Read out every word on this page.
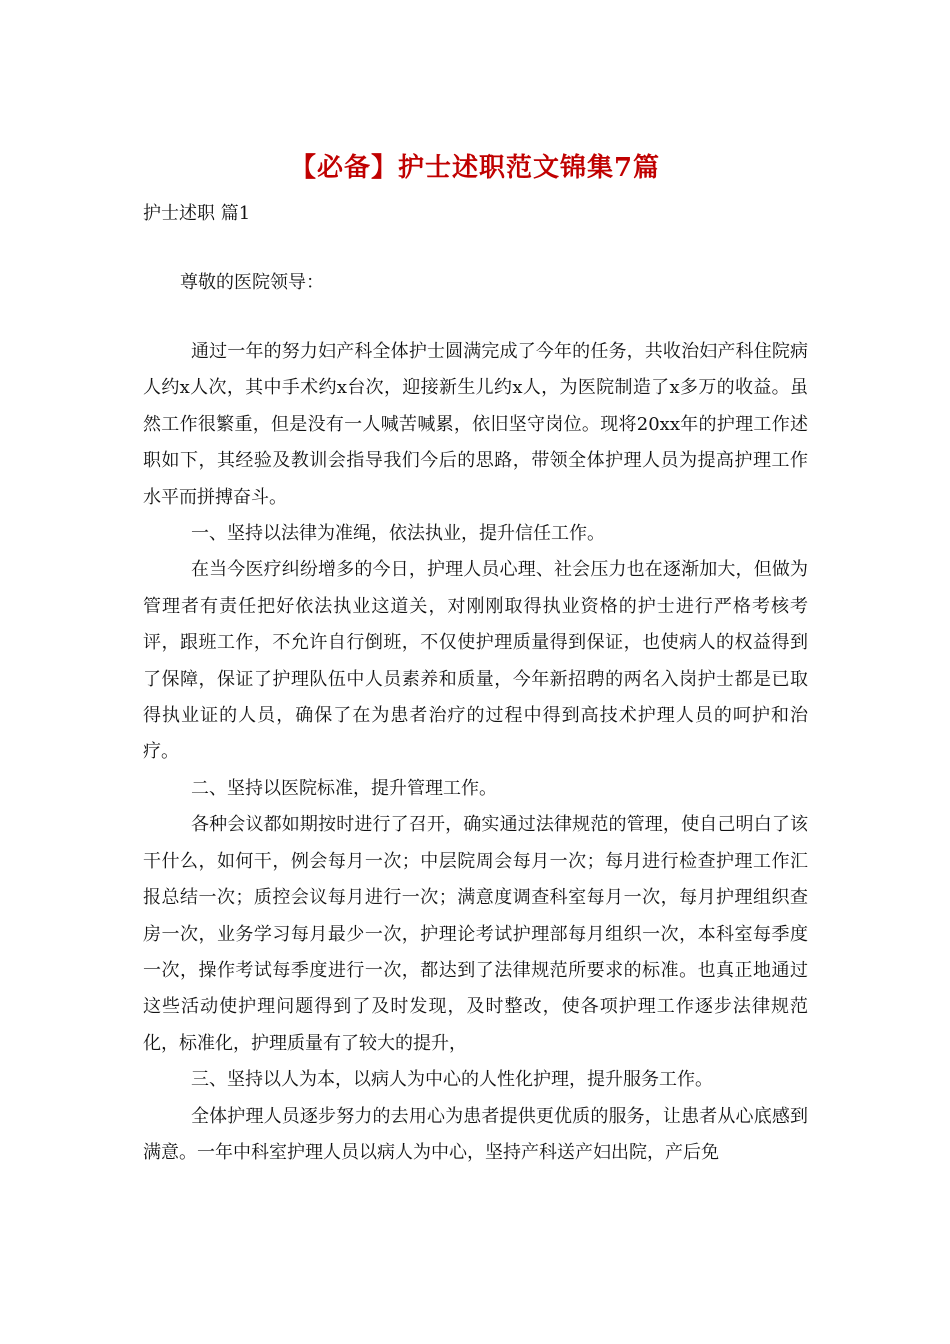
【必备】护士述职范文锦集7篇
护士述职 篇1
尊敬的医院领导：

通过一年的努力妇产科全体护士圆满完成了今年的任务，共收治妇产科住院病人约x人次，其中手术约x台次，迎接新生儿约x人，为医院制造了x多万的收益。虽然工作很繁重，但是没有一人喊苦喊累，依旧坚守岗位。现将20xx年的护理工作述职如下，其经验及教训会指导我们今后的思路，带领全体护理人员为提高护理工作水平而拼搏奋斗。

一、坚持以法律为准绳，依法执业，提升信任工作。

在当今医疗纠纷增多的今日，护理人员心理、社会压力也在逐渐加大，但做为管理者有责任把好依法执业这道关，对刚刚取得执业资格的护士进行严格考核考评，跟班工作，不允许自行倒班，不仅使护理质量得到保证，也使病人的权益得到了保障，保证了护理队伍中人员素养和质量，今年新招聘的两名入岗护士都是已取得执业证的人员，确保了在为患者治疗的过程中得到高技术护理人员的呵护和治疗。

二、坚持以医院标准，提升管理工作。

各种会议都如期按时进行了召开，确实通过法律规范的管理，使自己明白了该干什么，如何干，例会每月一次；中层院周会每月一次；每月进行检查护理工作汇报总结一次；质控会议每月进行一次；满意度调查科室每月一次，每月护理组织查房一次，业务学习每月最少一次，护理论考试护理部每月组织一次，本科室每季度一次，操作考试每季度进行一次，都达到了法律规范所要求的标准。也真正地通过这些活动使护理问题得到了及时发现，及时整改，使各项护理工作逐步法律规范化，标准化，护理质量有了较大的提升，

三、坚持以人为本，以病人为中心的人性化护理，提升服务工作。

全体护理人员逐步努力的去用心为患者提供更优质的服务，让患者从心底感到满意。一年中科室护理人员以病人为中心，坚持产科送产妇出院，产后免
